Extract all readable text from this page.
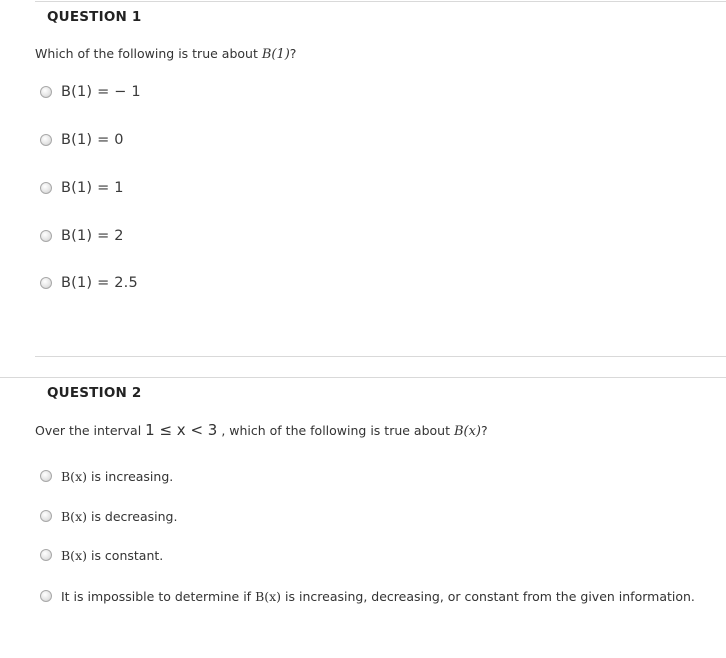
QUESTION 1
Which of the following is true about B(1)?
B(1) = − 1
B(1) = 0
B(1) = 1
B(1) = 2
B(1) = 2.5
QUESTION 2
Over the interval 1 ≤ x < 3 , which of the following is true about B(x)?
B(x) is increasing.
B(x) is decreasing.
B(x) is constant.
It is impossible to determine if B(x) is increasing, decreasing, or constant from the given information.
